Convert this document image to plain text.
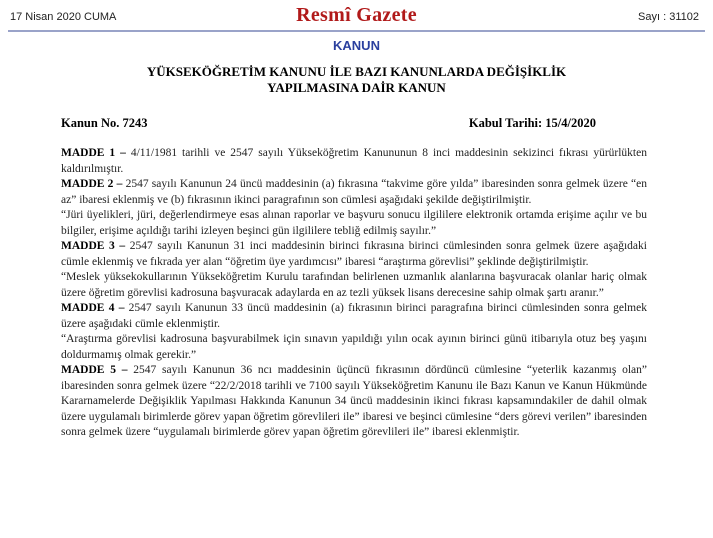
17 Nisan 2020 CUMA	Resmî Gazete	Sayı : 31102
KANUN
YÜKSEKÖĞRETİM KANUNU İLE BAZI KANUNLARDA DEĞİŞİKLİK
YAPILMASINA DAİR KANUN
Kanun No. 7243	Kabul Tarihi: 15/4/2020

MADDE 1 – 4/11/1981 tarihli ve 2547 sayılı Yükseköğretim Kanununun 8 inci maddesinin sekizinci fıkrası yürürlükten kaldırılmıştır.

MADDE 2 – 2547 sayılı Kanunun 24 üncü maddesinin (a) fıkrasına “takvime göre yılda” ibaresinden sonra gelmek üzere “en az” ibaresi eklenmiş ve (b) fıkrasının ikinci paragrafının son cümlesi aşağıdaki şekilde değiştirilmiştir.

“Jüri üyelikleri, jüri, değerlendirmeye esas alınan raporlar ve başvuru sonucu ilgililere elektronik ortamda erişime açılır ve bu bilgiler, erişime açıldığı tarihi izleyen beşinci gün ilgililere tebliğ edilmiş sayılır.”

MADDE 3 – 2547 sayılı Kanunun 31 inci maddesinin birinci fıkrasına birinci cümlesinden sonra gelmek üzere aşağıdaki cümle eklenmiş ve fıkrada yer alan “öğretim üye yardımcısı” ibaresi “araştırma görevlisi” şeklinde değiştirilmiştir.

“Meslek yüksekokullarının Yükseköğretim Kurulu tarafından belirlenen uzmanlık alanlarına başvuracak olanlar hariç olmak üzere öğretim görevlisi kadrosuna başvuracak adaylarda en az tezli yüksek lisans derecesine sahip olmak şartı aranır.”

MADDE 4 – 2547 sayılı Kanunun 33 üncü maddesinin (a) fıkrasının birinci paragrafına birinci cümlesinden sonra gelmek üzere aşağıdaki cümle eklenmiştir.

“Araştırma görevlisi kadrosuna başvurabilmek için sınavın yapıldığı yılın ocak ayının birinci günü itibarıyla otuz beş yaşını doldurmamış olmak gerekir.”

MADDE 5 – 2547 sayılı Kanunun 36 ncı maddesinin üçüncü fıkrasının dördüncü cümlesine “yeterlik kazanmış olan” ibaresinden sonra gelmek üzere “22/2/2018 tarihli ve 7100 sayılı Yükseköğretim Kanunu ile Bazı Kanun ve Kanun Hükmünde Kararnamelerde Değişiklik Yapılması Hakkında Kanunun 34 üncü maddesinin ikinci fıkrası kapsamındakiler de dahil olmak üzere uygulamalı birimlerde görev yapan öğretim görevlileri ile” ibaresi ve beşinci cümlesine “ders görevi verilen” ibaresinden sonra gelmek üzere “uygulamalı birimlerde görev yapan öğretim görevlileri ile” ibaresi eklenmiştir.
